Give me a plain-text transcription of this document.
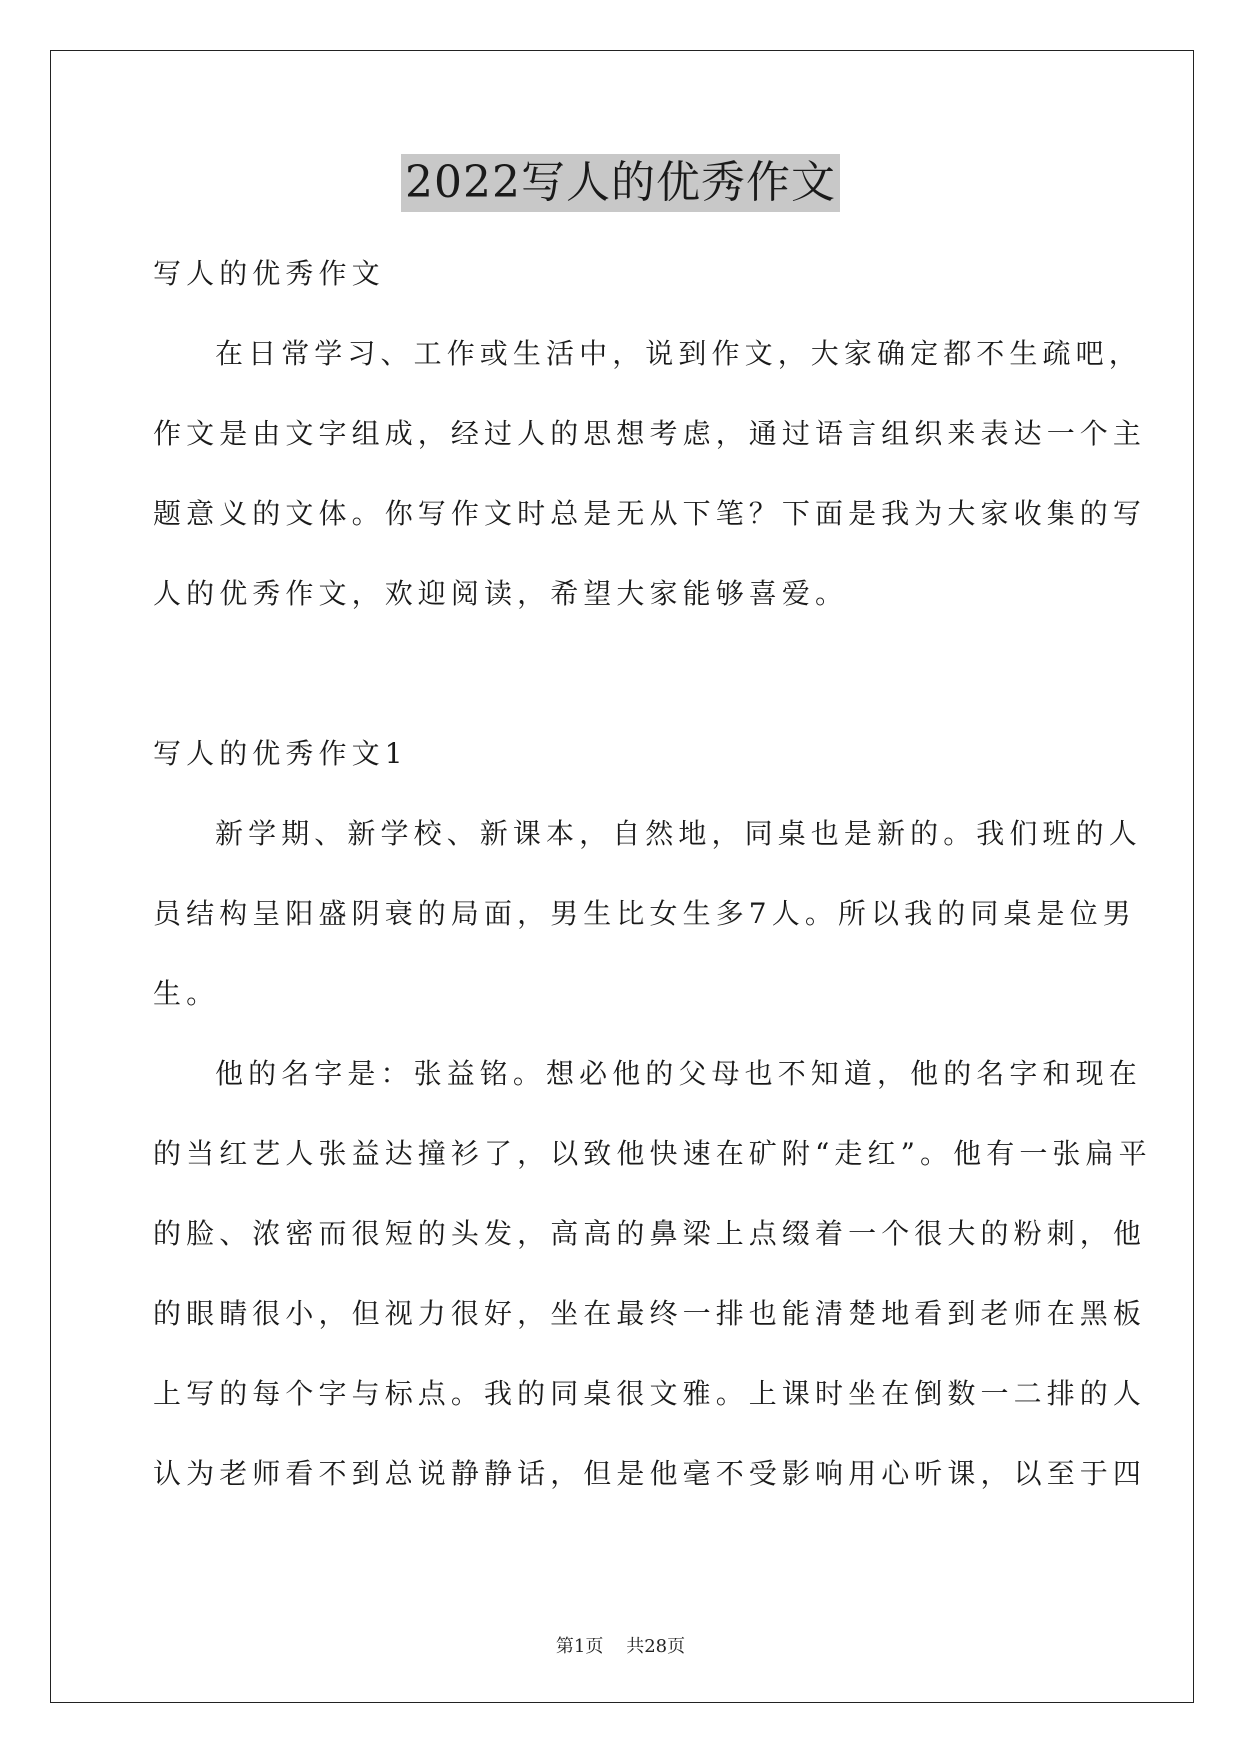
2022写人的优秀作文
写人的优秀作文
在日常学习、工作或生活中，说到作文，大家确定都不生疏吧，
作文是由文字组成，经过人的思想考虑，通过语言组织来表达一个主
题意义的文体。你写作文时总是无从下笔？下面是我为大家收集的写
人的优秀作文，欢迎阅读，希望大家能够喜爱。
写人的优秀作文1
新学期、新学校、新课本，自然地，同桌也是新的。我们班的人
员结构呈阳盛阴衰的局面，男生比女生多7人。所以我的同桌是位男
生。
他的名字是：张益铭。想必他的父母也不知道，他的名字和现在
的当红艺人张益达撞衫了，以致他快速在矿附“走红”。他有一张扁平
的脸、浓密而很短的头发，高高的鼻梁上点缀着一个很大的粉刺，他
的眼睛很小，但视力很好，坐在最终一排也能清楚地看到老师在黑板
上写的每个字与标点。我的同桌很文雅。上课时坐在倒数一二排的人
认为老师看不到总说静静话，但是他毫不受影响用心听课，以至于四
第1页 共28页
